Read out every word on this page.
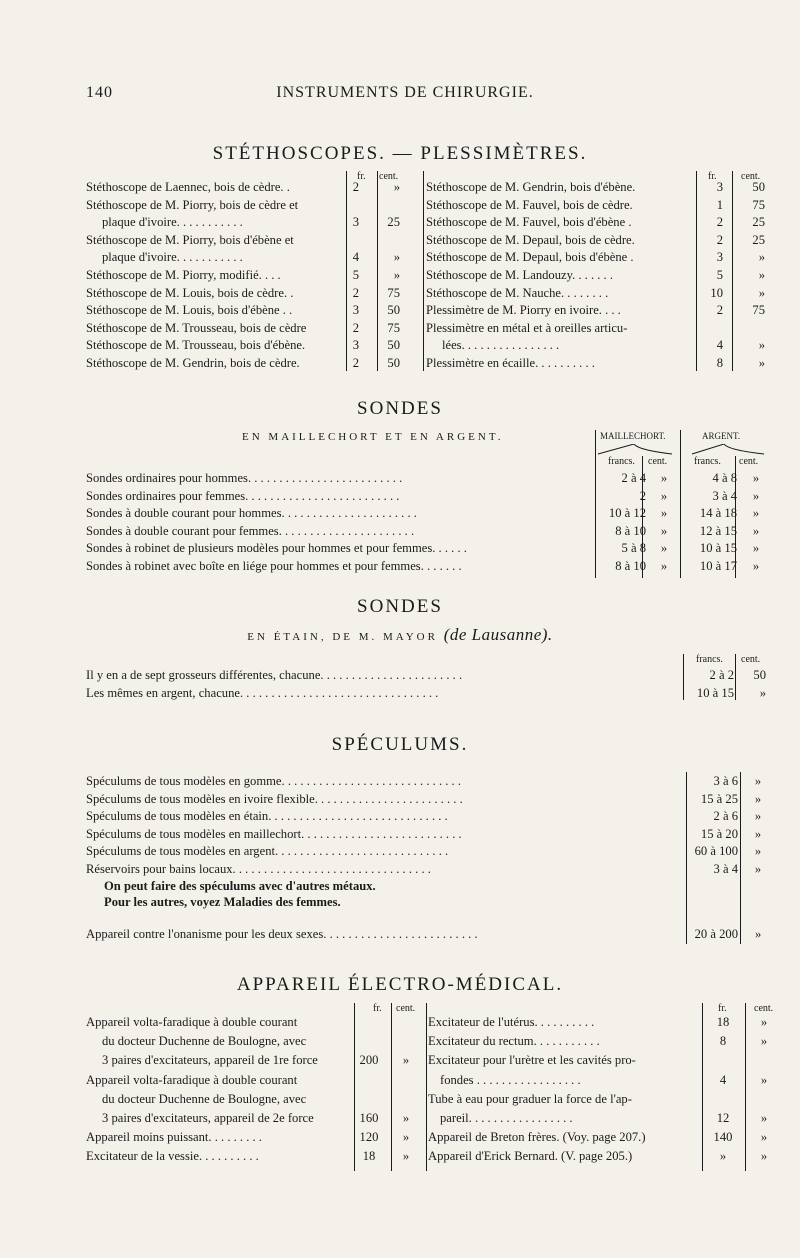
140	INSTRUMENTS DE CHIRURGIE.
STÉTHOSCOPES. — PLESSIMÈTRES.
fr. cent.	fr. cent.
Stéthoscope de Laennec, bois de cèdre. .	2	»
Stéthoscope de M. Piorry, bois de cèdre et
plaque d'ivoire. . . . . . . . . . .	3	25
Stéthoscope de M. Piorry, bois d'ébène et
plaque d'ivoire. . . . . . . . . . .	4	»
Stéthoscope de M. Piorry, modifié. . . .	5	»
Stéthoscope de M. Louis, bois de cèdre. .	2	75
Stéthoscope de M. Louis, bois d'ébène . .	3	50
Stéthoscope de M. Trousseau, bois de cèdre	2	75
Stéthoscope de M. Trousseau, bois d'ébène.	3	50
Stéthoscope de M. Gendrin, bois de cèdre.	2	50
Stéthoscope de M. Gendrin, bois d'ébène.	3	50
Stéthoscope de M. Fauvel, bois de cèdre.	1	75
Stéthoscope de M. Fauvel, bois d'ébène .	2	25
Stéthoscope de M. Depaul, bois de cèdre.	2	25
Stéthoscope de M. Depaul, bois d'ébène .	3	»
Stéthoscope de M. Landouzy. . . . . . .	5	»
Stéthoscope de M. Nauche. . . . . . . .	10	»
Plessimètre de M. Piorry en ivoire. . . .	2	75
Plessimètre en métal et à oreilles articu-
lées. . . . . . . . . . . . . . . .	4	»
Plessimètre en écaille. . . . . . . . . .	8	»
SONDES
EN MAILLECHORT ET EN ARGENT.	MAILLECHORT.	ARGENT.
francs. cent.	francs. cent.
Sondes ordinaires pour hommes. . . . . . . . . . . . . . . . . . . . . . . . .	2 à 4	»	4 à 8	»
Sondes ordinaires pour femmes. . . . . . . . . . . . . . . . . . . . . . . . .	2	»	3 à 4	»
Sondes à double courant pour hommes. . . . . . . . . . . . . . . . . . . . . .	10 à 12	»	14 à 18	»
Sondes à double courant pour femmes. . . . . . . . . . . . . . . . . . . . . .	8 à 10	»	12 à 15	»
Sondes à robinet de plusieurs modèles pour hommes et pour femmes. . . . . .	5 à 8	»	10 à 15	»
Sondes à robinet avec boîte en liége pour hommes et pour femmes. . . . . . .	8 à 10	»	10 à 17	»
SONDES
EN ÉTAIN, DE M. MAYOR (de Lausanne).
francs. cent.
Il y en a de sept grosseurs différentes, chacune. . . . . . . . . . . . . . . . . . . . . . .	2 à 2	50
Les mêmes en argent, chacune. . . . . . . . . . . . . . . . . . . . . . . . . . . . . . . .	10 à 15	»
SPÉCULUMS.
Spéculums de tous modèles en gomme. . . . . . . . . . . . . . . . . . . . . . . . . . . . .	3 à 6	»
Spéculums de tous modèles en ivoire flexible. . . . . . . . . . . . . . . . . . . . . . . .	15 à 25	»
Spéculums de tous modèles en étain. . . . . . . . . . . . . . . . . . . . . . . . . . . . .	2 à 6	»
Spéculums de tous modèles en maillechort. . . . . . . . . . . . . . . . . . . . . . . . . .	15 à 20	»
Spéculums de tous modèles en argent. . . . . . . . . . . . . . . . . . . . . . . . . . . .	60 à 100	»
Réservoirs pour bains locaux. . . . . . . . . . . . . . . . . . . . . . . . . . . . . . . .	3 à 4	»
On peut faire des spéculums avec d'autres métaux.
Pour les autres, voyez Maladies des femmes.
Appareil contre l'onanisme pour les deux sexes. . . . . . . . . . . . . . . . . . . . . . . . .	20 à 200 »
APPAREIL ÉLECTRO-MÉDICAL.
fr. cent.	fr.	cent.
Appareil volta-faradique à double courant
du docteur Duchenne de Boulogne, avec
3 paires d'excitateurs, appareil de 1re force	200	»
Appareil volta-faradique à double courant
du docteur Duchenne de Boulogne, avec
3 paires d'excitateurs, appareil de 2e force	160	»
Appareil moins puissant. . . . . . . . .	120	»
Excitateur de la vessie. . . . . . . . . .	18	»
Excitateur de l'utérus. . . . . . . . . .	18	»
Excitateur du rectum. . . . . . . . . . .	8	»
Excitateur pour l'urètre et les cavités pro-
fondes . . . . . . . . . . . . . . . . .	4	»
Tube à eau pour graduer la force de l'ap-
pareil. . . . . . . . . . . . . . . . .	12	»
Appareil de Breton frères. (Voy. page 207.)	140	»
Appareil d'Erick Bernard. (V. page 205.)	»	»
